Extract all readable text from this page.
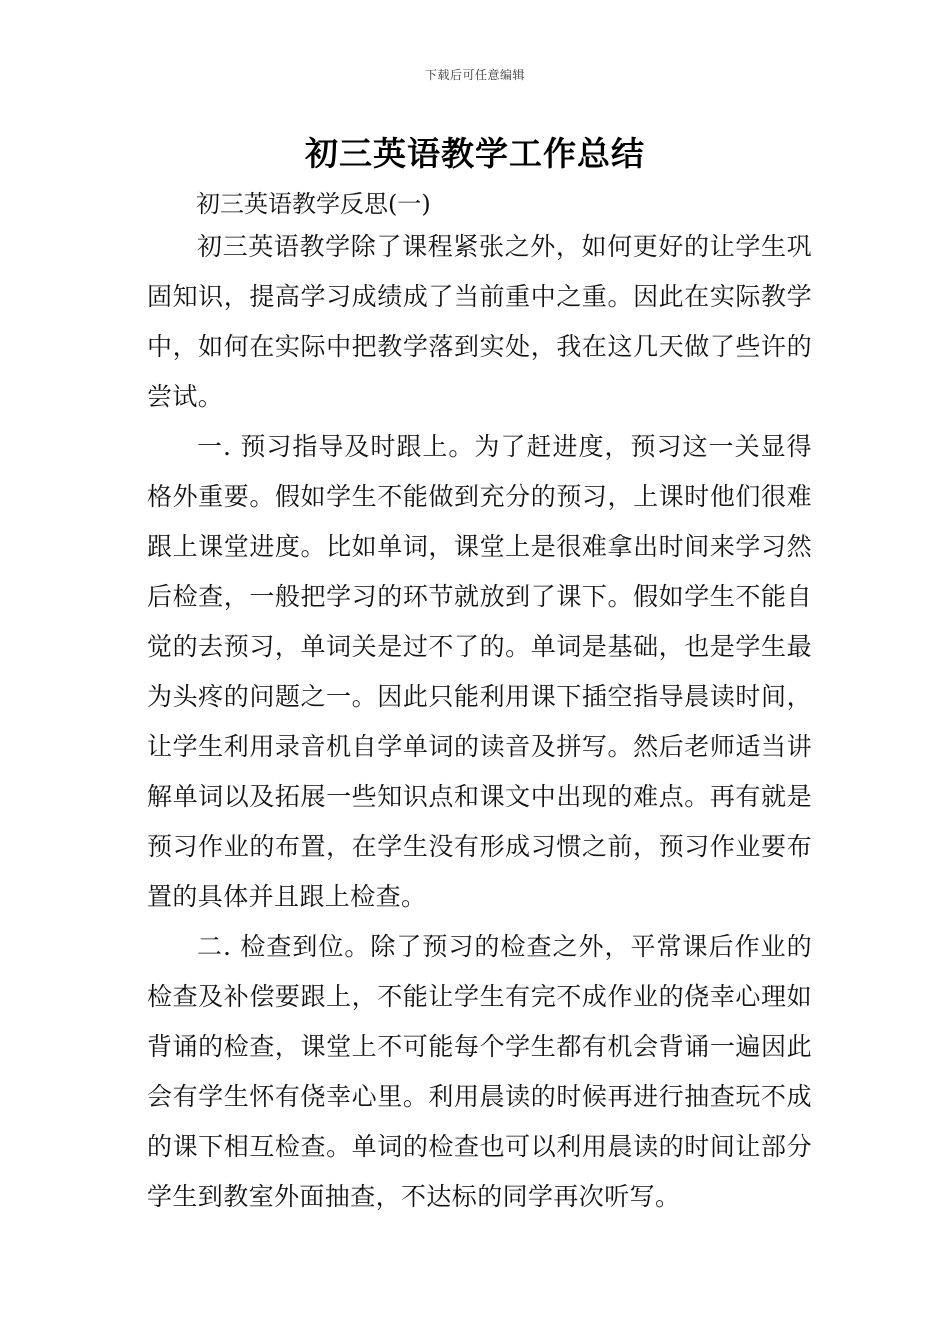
下载后可任意编辑
初三英语教学工作总结

初三英语教学反思(一)

初三英语教学除了课程紧张之外，如何更好的让学生巩固知识，提高学习成绩成了当前重中之重。因此在实际教学中，如何在实际中把教学落到实处，我在这几天做了些许的尝试。

一. 预习指导及时跟上。为了赶进度，预习这一关显得格外重要。假如学生不能做到充分的预习，上课时他们很难跟上课堂进度。比如单词，课堂上是很难拿出时间来学习然后检查，一般把学习的环节就放到了课下。假如学生不能自觉的去预习，单词关是过不了的。单词是基础，也是学生最为头疼的问题之一。因此只能利用课下插空指导晨读时间，让学生利用录音机自学单词的读音及拼写。然后老师适当讲解单词以及拓展一些知识点和课文中出现的难点。再有就是预习作业的布置，在学生没有形成习惯之前，预习作业要布置的具体并且跟上检查。

二. 检查到位。除了预习的检查之外，平常课后作业的检查及补偿要跟上，不能让学生有完不成作业的侥幸心理如背诵的检查，课堂上不可能每个学生都有机会背诵一遍因此会有学生怀有侥幸心里。利用晨读的时候再进行抽查玩不成的课下相互检查。单词的检查也可以利用晨读的时间让部分学生到教室外面抽查，不达标的同学再次听写。
